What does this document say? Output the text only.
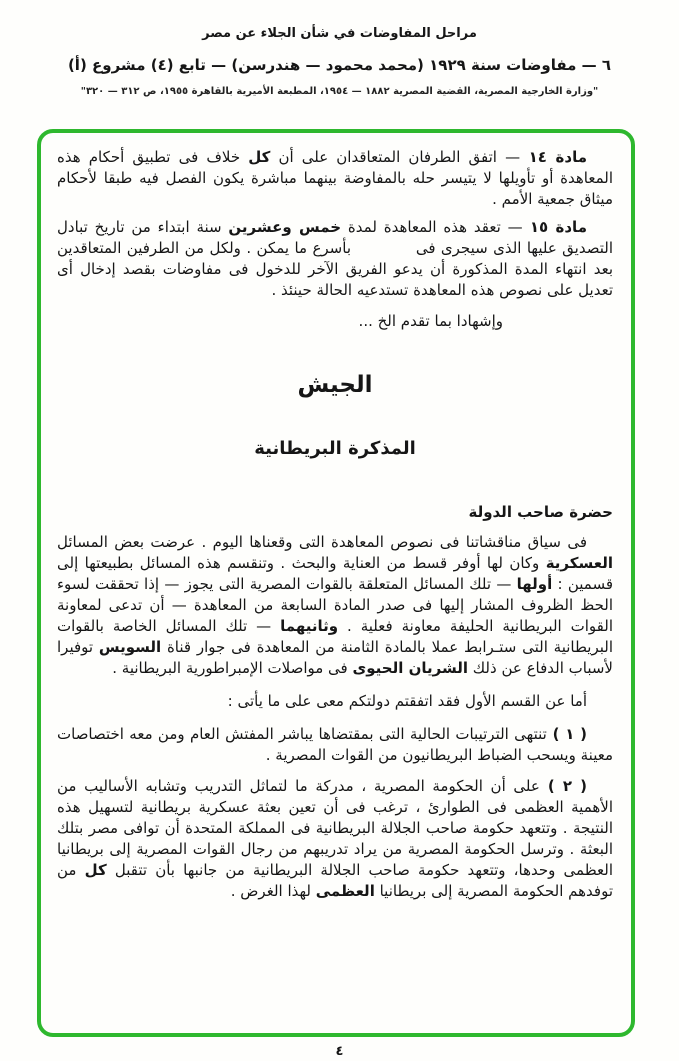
مراحل المفاوضات في شأن الجلاء عن مصر
٦ — مفاوضات سنة ١٩٢٩ (محمد محمود — هندرسن) — تابع (٤) مشروع (أ)
"وزارة الخارجية المصرية، القضية المصرية ١٨٨٢ — ١٩٥٤، المطبعة الأميرية بالقاهرة ١٩٥٥، ص ٣١٢ — ٣٢٠"

مادة ١٤ — اتفق الطرفان المتعاقدان على أن كل خلاف فى تطبيق أحكام هذه المعاهدة أو تأويلها لا يتيسر حله بالمفاوضة بينهما مباشرة يكون الفصل فيه طبقا لأحكام ميثاق جمعية الأمم .

مادة ١٥ — تعقد هذه المعاهدة لمدة خمس وعشرين سنة ابتداء من تاريخ تبادل التصديق عليها الذى سيجرى فى            بأسرع ما يمكن . ولكل من الطرفين المتعاقدين بعد انتهاء المدة المذكورة أن يدعو الفريق الآخر للدخول فى مفاوضات بقصد إدخال أى تعديل على نصوص هذه المعاهدة تستدعيه الحالة حينئذ .

وإشهادا بما تقدم الخ ...

الجيش
المذكرة البريطانية

حضرة صاحب الدولة

فى سياق مناقشاتنا فى نصوص المعاهدة التى وقعناها اليوم . عرضت بعض المسائل العسكرية وكان لها أوفر قسط من العناية والبحث . وتنقسم هذه المسائل بطبيعتها إلى قسمين : أولها — تلك المسائل المتعلقة بالقوات المصرية التى يجوز — إذا تحققت لسوء الحظ الظروف المشار إليها فى صدر المادة السابعة من المعاهدة — أن تدعى لمعاونة القوات البريطانية الحليفة معاونة فعلية . وثانيهما — تلك المسائل الخاصة بالقوات البريطانية التى ستـرابط عملا بالمادة الثامنة من المعاهدة فى جوار قناة السويس توفيرا لأسباب الدفاع عن ذلك الشريان الحيوى فى مواصلات الإمبراطورية البريطانية .

أما عن القسم الأول فقد اتفقتم دولتكم معى على ما يأتى :

( ١ ) تنتهى الترتيبات الحالية التى بمقتضاها يباشر المفتش العام ومن معه اختصاصات معينة ويسحب الضباط البريطانيون من القوات المصرية .

( ٢ ) على أن الحكومة المصرية ، مدركة ما لتماثل التدريب وتشابه الأساليب من الأهمية العظمى فى الطوارئ ، ترغب فى أن تعين بعثة عسكرية بريطانية لتسهيل هذه النتيجة . وتتعهد حكومة صاحب الجلالة البريطانية فى المملكة المتحدة أن توافى مصر بتلك البعثة . وترسل الحكومة المصرية من يراد تدريبهم من رجال القوات المصرية إلى بريطانيا العظمى وحدها، وتتعهد حكومة صاحب الجلالة البريطانية من جانبها بأن تتقبل كل من توفدهم الحكومة المصرية إلى بريطانيا العظمى لهذا الغرض .

٤
